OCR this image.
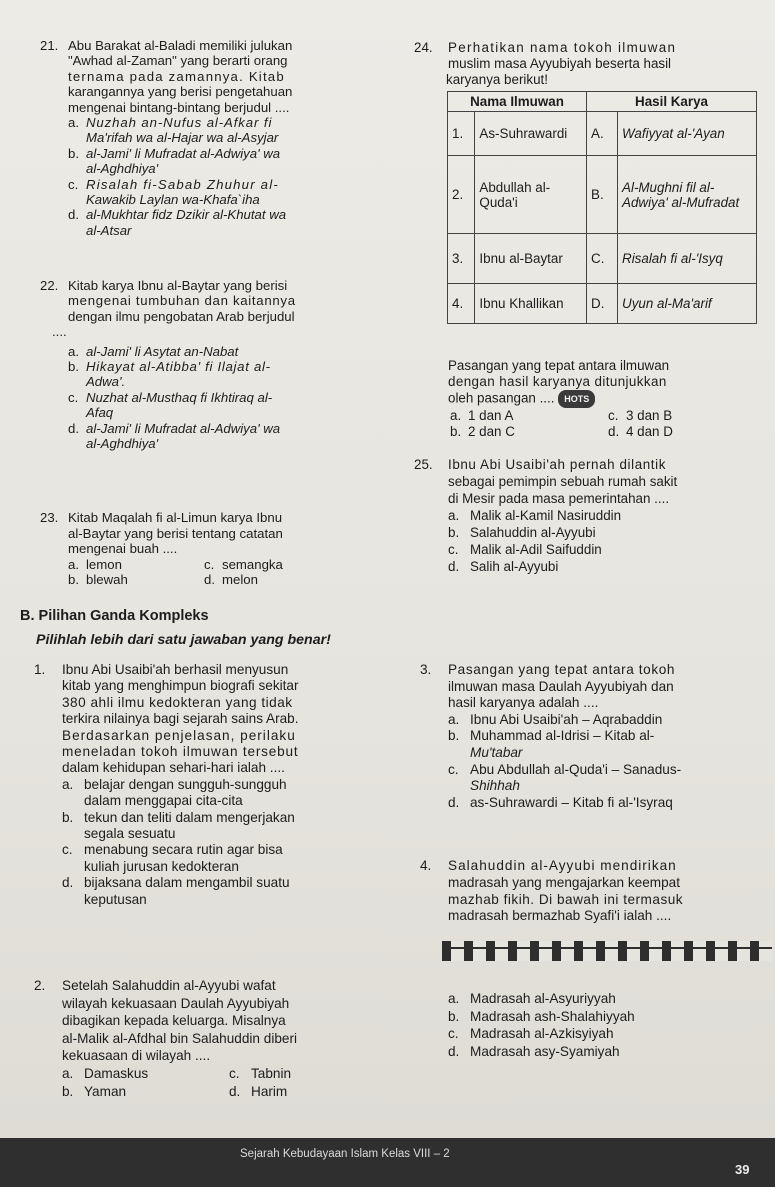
21. Abu Barakat al-Baladi memiliki julukan
"Awhad al-Zaman" yang berarti orang
ternama pada zamannya. Kitab
karangannya yang berisi pengetahuan
mengenai bintang-bintang berjudul ....
a. Nuzhah an-Nufus al-Afkar fi
Ma'rifah wa al-Hajar wa al-Asyjar
b. al-Jami' li Mufradat al-Adwiya' wa
al-Aghdhiya'
c. Risalah fi-Sabab Zhuhur al-
Kawakib Laylan wa-Khafa`iha
d. al-Mukhtar fidz Dzikir al-Khutat wa
al-Atsar
22. Kitab karya Ibnu al-Baytar yang berisi
mengenai tumbuhan dan kaitannya
dengan ilmu pengobatan Arab berjudul
....
a. al-Jami' li Asytat an-Nabat
b. Hikayat al-Atibba' fi Ilajat al-
Adwa'.
c. Nuzhat al-Musthaq fi Ikhtiraq al-
Afaq
d. al-Jami' li Mufradat al-Adwiya' wa
al-Aghdhiya'
23. Kitab Maqalah fi al-Limun karya Ibnu
al-Baytar yang berisi tentang catatan
mengenai buah ....
a. lemon	c. semangka
b. blewah	d. melon
24. Perhatikan nama tokoh ilmuwan
muslim masa Ayyubiyah beserta hasil
karyanya berikut!
Nama Ilmuwan		Hasil Karya	
1.	As-Suhrawardi	A.	Wafiyyat al-'Ayan
2.	Abdullah al-Quda'i	B.	Al-Mughni fil al-Adwiya' al-Mufradat
3.	Ibnu al-Baytar	C.	Risalah fi al-'Isyq
4.	Ibnu Khallikan	D.	Uyun al-Ma'arif
Pasangan yang tepat antara ilmuwan
dengan hasil karyanya ditunjukkan
oleh pasangan .... HOTS
a. 1 dan A	c. 3 dan B
b. 2 dan C	d. 4 dan D
25. Ibnu Abi Usaibi'ah pernah dilantik
sebagai pemimpin sebuah rumah sakit
di Mesir pada masa pemerintahan ....
a. Malik al-Kamil Nasiruddin
b. Salahuddin al-Ayyubi
c. Malik al-Adil Saifuddin
d. Salih al-Ayyubi
B. Pilihan Ganda Kompleks
Pilihlah lebih dari satu jawaban yang benar!
1. Ibnu Abi Usaibi'ah berhasil menyusun
kitab yang menghimpun biografi sekitar
380 ahli ilmu kedokteran yang tidak
terkira nilainya bagi sejarah sains Arab.
Berdasarkan penjelasan, perilaku
meneladan tokoh ilmuwan tersebut
dalam kehidupan sehari-hari ialah ....
a. belajar dengan sungguh-sungguh
dalam menggapai cita-cita
b. tekun dan teliti dalam mengerjakan
segala sesuatu
c. menabung secara rutin agar bisa
kuliah jurusan kedokteran
d. bijaksana dalam mengambil suatu
keputusan
2. Setelah Salahuddin al-Ayyubi wafat
wilayah kekuasaan Daulah Ayyubiyah
dibagikan kepada keluarga. Misalnya
al-Malik al-Afdhal bin Salahuddin diberi
kekuasaan di wilayah ....
a. Damaskus	c. Tabnin
b. Yaman	d. Harim
3. Pasangan yang tepat antara tokoh
ilmuwan masa Daulah Ayyubiyah dan
hasil karyanya adalah ....
a. Ibnu Abi Usaibi'ah – Aqrabaddin
b. Muhammad al-Idrisi – Kitab al-
Mu'tabar
c. Abu Abdullah al-Quda'i – Sanadus-
Shihhah
d. as-Suhrawardi – Kitab fi al-'Isyraq
4. Salahuddin al-Ayyubi mendirikan
madrasah yang mengajarkan keempat
mazhab fikih. Di bawah ini termasuk
madrasah bermazhab Syafi'i ialah ....
a. Madrasah al-Asyuriyyah
b. Madrasah ash-Shalahiyyah
c. Madrasah al-Azkisyiyah
d. Madrasah asy-Syamiyah
Sejarah Kebudayaan Islam Kelas VIII – 2
39
